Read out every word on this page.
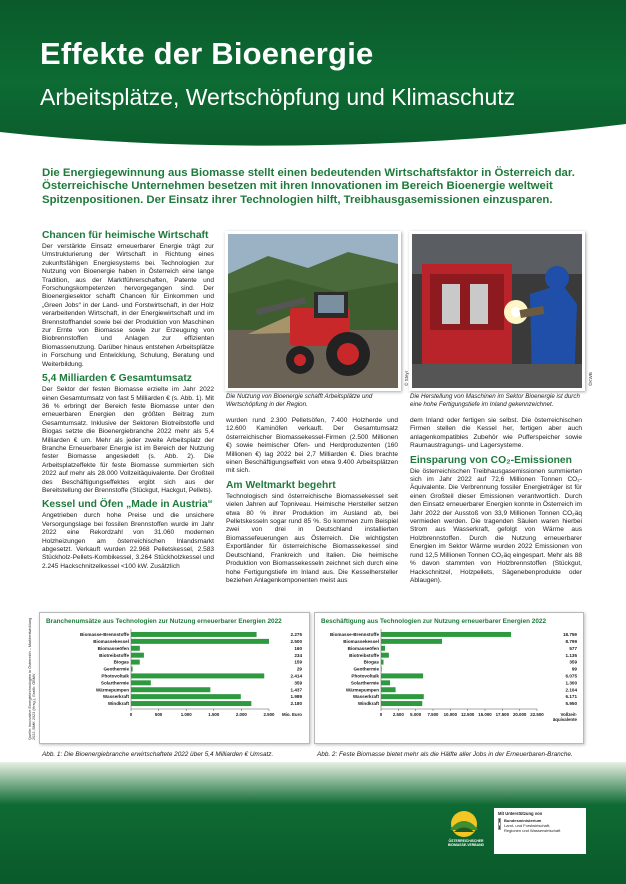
Effekte der Bioenergie
Arbeitsplätze, Wertschöpfung und Klimaschutz
Die Energiegewinnung aus Biomasse stellt einen bedeutenden Wirtschaftsfaktor in Österreich dar. Österreichische Unternehmen besetzen mit ihren Innovationen im Bereich Bioenergie weltweit Spitzenpositionen. Der Einsatz ihrer Technologien hilft, Treibhausgasemissionen einzusparen.
Chancen für heimische Wirtschaft

Der verstärkte Einsatz erneuerbarer Energie trägt zur Umstrukturierung der Wirtschaft in Richtung eines zukunftsfähigen Energiesystems bei. Technologien zur Nutzung von Bioenergie haben in Österreich eine lange Tradition, aus der Marktführerschaften, Patente und Forschungskompetenzen hervorgegangen sind. Der Bioenergiesektor schafft Chancen für Einkommen und „Green Jobs“ in der Land- und Forstwirtschaft, in der Holz verarbeitenden Wirtschaft, in der Energiewirtschaft und im Brennstoffhandel sowie bei der Produktion von Maschinen zur Ernte von Biomasse sowie zur Erzeugung von Biobrennstoffen und Anlagen zur effizienten Biomassenutzung. Darüber hinaus entstehen Arbeitsplätze in Forschung und Entwicklung, Schulung, Beratung und Weiterbildung.

5,4 Milliarden € Gesamtumsatz

Der Sektor der festen Biomasse erzielte im Jahr 2022 einen Gesamtumsatz von fast 5 Milliarden € (s. Abb. 1). Mit 36 % erbringt der Bereich feste Biomasse unter den erneuerbaren Energien den größten Beitrag zum Gesamtumsatz. Inklusive der Sektoren Biotreibstoffe und Biogas setzte die Bioenergiebranche 2022 mehr als 5,4 Milliarden € um. Mehr als jeder zweite Arbeitsplatz der Branche Erneuerbarer Energie ist im Bereich der Nutzung fester Biomasse angesiedelt (s. Abb. 2). Die Arbeitsplatzeffekte für feste Biomasse summierten sich 2022 auf mehr als 28.000 Vollzeitäquivalente. Der Großteil des Beschäftigungseffektes ergibt sich aus der Bereitstellung der Brennstoffe (Stückgut, Hackgut, Pellets).

Kessel und Öfen „Made in Austria“

Angetrieben durch hohe Preise und die unsichere Versorgungslage bei fossilen Brennstoffen wurde im Jahr 2022 eine Rekordzahl von 31.060 modernen Holzheizungen am österreichischen Inlandsmarkt abgesetzt. Verkauft wurden 22.968 Pelletskessel, 2.583 Stückholz-Pellets-Kombikessel, 3.264 Stückholzkessel und 2.245 Hackschnitzelkessel <100 kW. Zusätzlich

© Steyr
Die Nutzung von Bioenergie schafft Arbeitsplätze und Wertschöpfung in der Region.
©KWB
Die Herstellung von Maschinen im Sektor Bioenergie ist durch eine hohe Fertigungstiefe im Inland gekennzeichnet.

wurden rund 2.300 Pelletsöfen, 7.400 Holzherde und 12.600 Kaminöfen verkauft. Der Gesamtumsatz österreichischer Biomassekessel-Firmen (2.500 Millionen €) sowie heimischer Ofen- und Herdproduzenten (160 Millionen €) lag 2022 bei 2,7 Milliarden €. Dies brachte einen Beschäftigungseffekt von etwa 9.400 Arbeitsplätzen mit sich.

Am Weltmarkt begehrt

Technologisch sind österreichische Biomassekessel seit vielen Jahren auf Topniveau. Heimische Hersteller setzen etwa 80 % ihrer Produktion im Ausland ab, bei Pelletskesseln sogar rund 85 %. So kommen zum Beispiel zwei von drei in Deutschland installierten Biomassefeuerungen aus Österreich. Die wichtigsten Exportländer für österreichische Biomassekessel sind Deutschland, Frankreich und Italien. Die heimische Produktion von Biomassekesseln zeichnet sich durch eine hohe Fertigungstiefe im Inland aus. Die Kesselhersteller beziehen Anlagenkomponenten meist aus

dem Inland oder fertigen sie selbst. Die österreichischen Firmen stellen die Kessel her, fertigen aber auch anlagenkompatibles Zubehör wie Pufferspeicher sowie Raumaustragungs- und Lagersysteme.

Einsparung von CO₂-Emissionen

Die österreichischen Treibhausgasemissionen summierten sich im Jahr 2022 auf 72,6 Millionen Tonnen CO₂-Äquivalente. Die Verbrennung fossiler Energieträger ist für einen Großteil dieser Emissionen verantwortlich. Durch den Einsatz erneuerbarer Energien konnte in Österreich im Jahr 2022 der Ausstoß von 33,9 Millionen Tonnen CO₂äq vermieden werden. Die tragenden Säulen waren hierbei Strom aus Wasserkraft, gefolgt von Wärme aus Holzbrennstoffen. Durch die Nutzung erneuerbarer Energien im Sektor Wärme wurden 2022 Emissionen von rund 12,5 Millionen Tonnen CO₂äq eingespart. Mehr als 88 % davon stammten von Holzbrennstoffen (Stückgut, Hackschnitzel, Holzpellets, Sägenebenprodukte oder Ablaugen).

Branchenumsätze aus Technologien zur Nutzung erneuerbarer Energien 2022
Biomasse-Brennstoffe	2.275
Biomassekessel	2.500
Biomasseöfen	160
Biotreibstoffe	234
Biogas	159
Geothermie	29
Photovoltaik	2.414
Solarthermie	359
Wärmepumpen	1.437
Wasserkraft	1.989
Windkraft	2.180
0	500	1.000	1.500	2.000	2.500 Mio. Euro
Beschäftigung aus Technologien zur Nutzung erneuerbarer Energien 2022
Biomasse-Brennstoffe	18.759
Biomassekessel	8.799
Biomasseöfen	577
Biotreibstoffe	1.135
Biogas	359
Geothermie	99
Photovoltaik	6.075
Solarthermie	1.300
Wärmepumpen	2.104
Wasserkraft	6.171
Windkraft	5.950
0 2.500 5.000 7.500 10.000 12.500 15.000 17.500 20.000 22.500	Vollzeit-äquivalente
Quelle: Innovative Energietechnologien in Österreich – Marktentwicklung 2022, BMK 2023 (Hrsg.), Grafik: ÖBMV
Abb. 1: Die Bioenergiebranche erwirtschaftete 2022 über 5,4 Milliarden € Umsatz.	Abb. 2: Feste Biomasse bietet mehr als die Hälfte aller Jobs in der Erneuerbaren-Branche.
ÖSTERREICHISCHER BIOMASSE-VERBAND
Mit Unterstützung von
Bundesministerium
Land- und Forstwirtschaft,
Regionen und Wasserwirtschaft
